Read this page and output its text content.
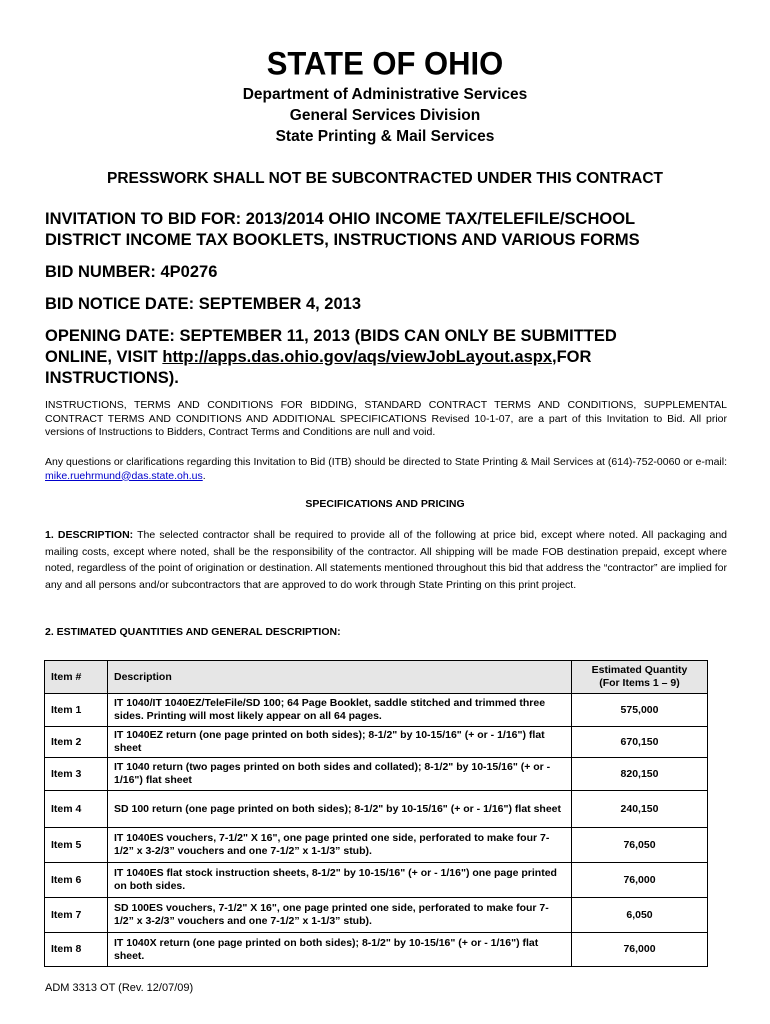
STATE OF OHIO
Department of Administrative Services
General Services Division
State Printing & Mail Services
PRESSWORK SHALL NOT BE SUBCONTRACTED UNDER THIS CONTRACT
INVITATION TO BID FOR: 2013/2014 OHIO INCOME TAX/TELEFILE/SCHOOL
DISTRICT INCOME TAX BOOKLETS, INSTRUCTIONS AND VARIOUS FORMS
BID NUMBER: 4P0276
BID NOTICE DATE: SEPTEMBER 4, 2013
OPENING DATE: SEPTEMBER 11, 2013 (BIDS CAN ONLY BE SUBMITTED
ONLINE, VISIT http://apps.das.ohio.gov/aqs/viewJobLayout.aspx,FOR
INSTRUCTIONS).
INSTRUCTIONS, TERMS AND CONDITIONS FOR BIDDING, STANDARD CONTRACT TERMS AND CONDITIONS, SUPPLEMENTAL CONTRACT TERMS AND CONDITIONS AND ADDITIONAL SPECIFICATIONS Revised 10-1-07, are a part of this Invitation to Bid. All prior versions of Instructions to Bidders, Contract Terms and Conditions are null and void.
Any questions or clarifications regarding this Invitation to Bid (ITB) should be directed to State Printing & Mail Services at (614)-752-0060 or e-mail: mike.ruehrmund@das.state.oh.us.
SPECIFICATIONS AND PRICING
1. DESCRIPTION: The selected contractor shall be required to provide all of the following at price bid, except where noted. All packaging and mailing costs, except where noted, shall be the responsibility of the contractor. All shipping will be made FOB destination prepaid, except where noted, regardless of the point of origination or destination. All statements mentioned throughout this bid that address the “contractor” are implied for any and all persons and/or subcontractors that are approved to do work through State Printing on this print project.
2. ESTIMATED QUANTITIES AND GENERAL DESCRIPTION:
Item #	Description	Estimated Quantity
(For Items 1 – 9)

Item 1	IT 1040/IT 1040EZ/TeleFile/SD 100; 64 Page Booklet, saddle stitched and trimmed three sides. Printing will most likely appear on all 64 pages.	575,000
Item 2	IT 1040EZ return (one page printed on both sides); 8-1/2" by 10-15/16" (+ or - 1/16") flat sheet	670,150
Item 3	IT 1040 return (two pages printed on both sides and collated); 8-1/2" by 10-15/16" (+ or - 1/16") flat sheet	820,150
Item 4	SD 100 return (one page printed on both sides); 8-1/2" by 10-15/16" (+ or - 1/16") flat sheet	240,150
Item 5	IT 1040ES vouchers, 7-1/2" X 16", one page printed one side, perforated to make four 7-1/2” x 3-2/3” vouchers and one 7-1/2” x 1-1/3” stub).	76,050
Item 6	IT 1040ES flat stock instruction sheets, 8-1/2" by 10-15/16" (+ or - 1/16") one page printed on both sides.	76,000
Item 7	SD 100ES vouchers, 7-1/2" X 16", one page printed one side, perforated to make four 7-1/2” x 3-2/3” vouchers and one 7-1/2” x 1-1/3” stub).	6,050
Item 8	IT 1040X return (one page printed on both sides); 8-1/2" by 10-15/16" (+ or - 1/16") flat sheet.	76,000
ADM 3313 OT (Rev. 12/07/09)
